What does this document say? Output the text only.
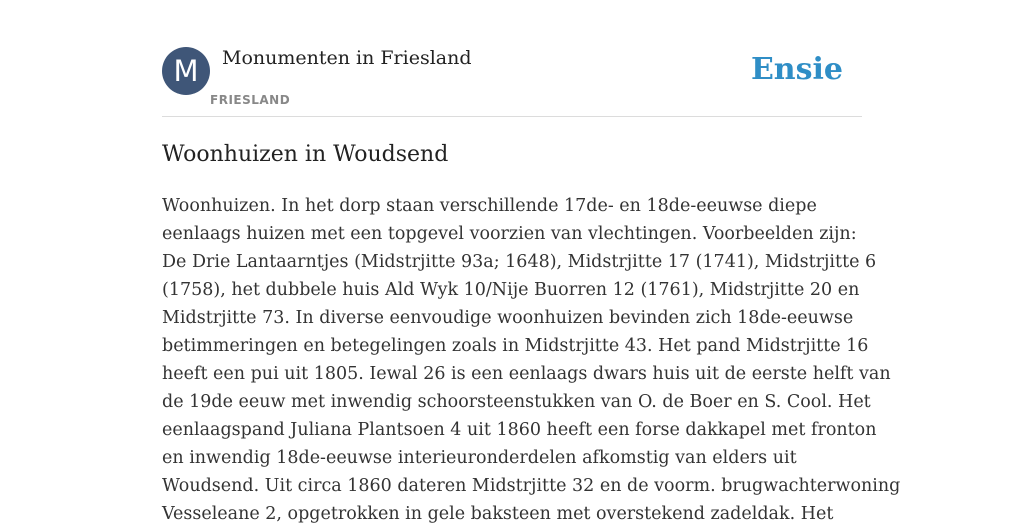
M	Monumenten in Friesland
FRIESLAND
Ensie
Woonhuizen in Woudsend
Woonhuizen. In het dorp staan verschillende 17de- en 18de-eeuwse diepe
eenlaags huizen met een topgevel voorzien van vlechtingen. Voorbeelden zijn:
De Drie Lantaarntjes (Midstrjitte 93a; 1648), Midstrjitte 17 (1741), Midstrjitte 6
(1758), het dubbele huis Ald Wyk 10/Nije Buorren 12 (1761), Midstrjitte 20 en
Midstrjitte 73. In diverse eenvoudige woonhuizen bevinden zich 18de-eeuwse
betimmeringen en betegelingen zoals in Midstrjitte 43. Het pand Midstrjitte 16
heeft een pui uit 1805. Iewal 26 is een eenlaags dwars huis uit de eerste helft van
de 19de eeuw met inwendig schoorsteenstukken van O. de Boer en S. Cool. Het
eenlaagspand Juliana Plantsoen 4 uit 1860 heeft een forse dakkapel met fronton
en inwendig 18de-eeuwse interieuronderdelen afkomstig van elders uit
Woudsend. Uit circa 1860 dateren Midstrjitte 32 en de voorm. brugwachterwoning
Vesseleane 2, opgetrokken in gele baksteen met overstekend zadeldak. Het
